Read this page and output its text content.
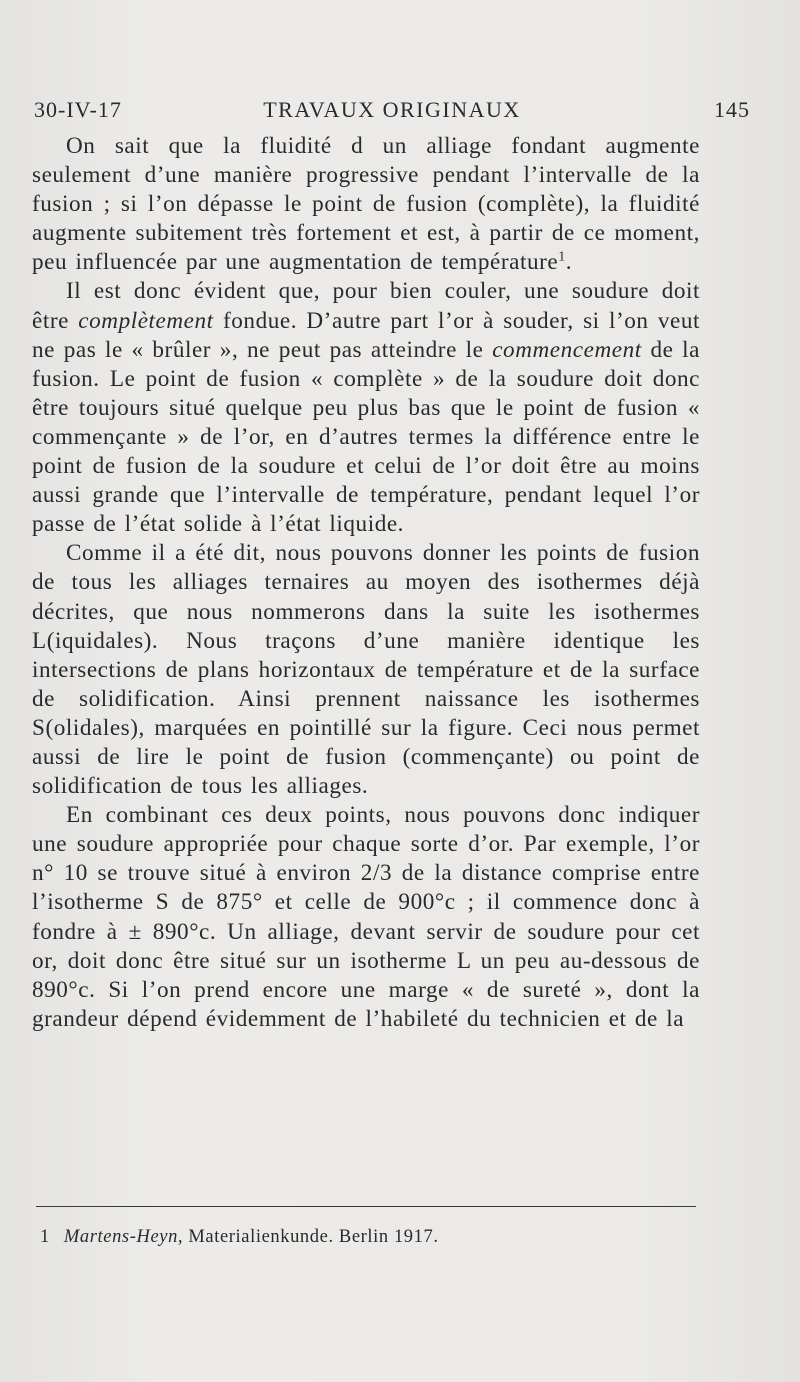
30-IV-17	TRAVAUX ORIGINAUX	145

On sait que la fluidité d un alliage fondant augmente seulement d’une manière progressive pendant l’intervalle de la fusion ; si l’on dépasse le point de fusion (complète), la fluidité augmente subitement très fortement et est, à partir de ce moment, peu influencée par une augmentation de température$^1$.

Il est donc évident que, pour bien couler, une soudure doit être complètement fondue. D’autre part l’or à souder, si l’on veut ne pas le « brûler », ne peut pas atteindre le commencement de la fusion. Le point de fusion « complète » de la soudure doit donc être toujours situé quelque peu plus bas que le point de fusion « commençante » de l’or, en d’autres termes la différence entre le point de fusion de la soudure et celui de l’or doit être au moins aussi grande que l’intervalle de température, pendant lequel l’or passe de l’état solide à l’état liquide.

Comme il a été dit, nous pouvons donner les points de fusion de tous les alliages ternaires au moyen des isothermes déjà décrites, que nous nommerons dans la suite les isothermes L(iquidales). Nous traçons d’une manière identique les intersections de plans horizontaux de température et de la surface de solidification. Ainsi prennent naissance les isothermes S(olidales), marquées en pointillé sur la figure. Ceci nous permet aussi de lire le point de fusion (commençante) ou point de solidification de tous les alliages.

En combinant ces deux points, nous pouvons donc indiquer une soudure appropriée pour chaque sorte d’or. Par exemple, l’or n° 10 se trouve situé à environ 2/3 de la distance comprise entre l’isotherme S de 875° et celle de 900°c ; il commence donc à fondre à ± 890°c. Un alliage, devant servir de soudure pour cet or, doit donc être situé sur un isotherme L un peu au-dessous de 890°c. Si l’on prend encore une marge « de sureté », dont la grandeur dépend évidemment de l’habileté du technicien et de la

1 Martens-Heyn, Materialienkunde. Berlin 1917.
